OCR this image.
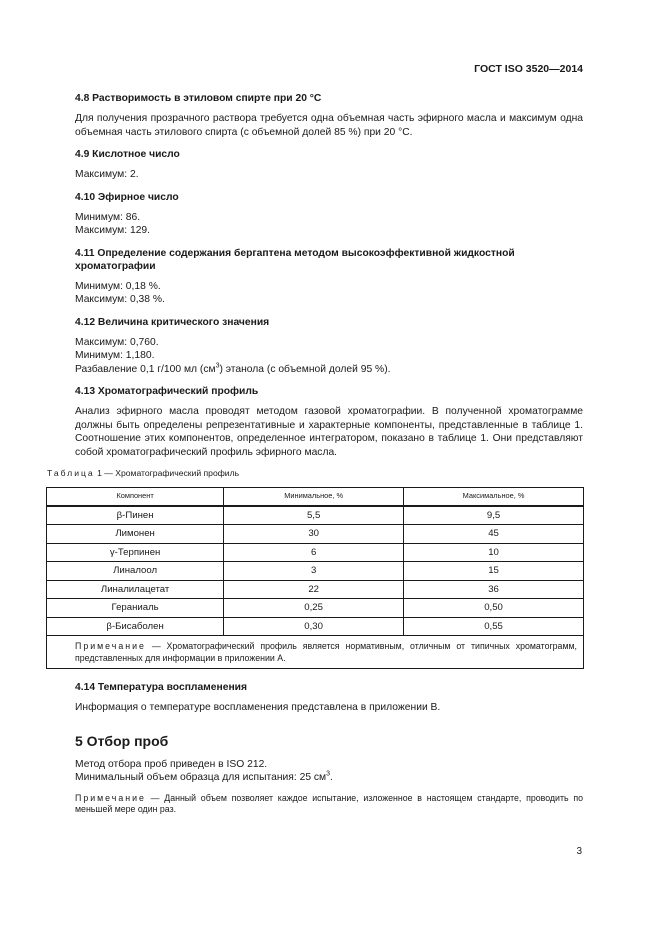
ГОСТ ISO 3520—2014
4.8 Растворимость в этиловом спирте при 20 °С

Для получения прозрачного раствора требуется одна объемная часть эфирного масла и максимум одна объемная часть этилового спирта (с объемной долей 85 %) при 20 °С.

4.9 Кислотное число

Максимум: 2.

4.10 Эфирное число

Минимум: 86.

Максимум: 129.

4.11 Определение содержания бергаптена методом высокоэффективной жидкостной хроматографии

Минимум: 0,18 %.

Максимум: 0,38 %.

4.12 Величина критического значения

Максимум: 0,760.

Минимум: 1,180.

Разбавление 0,1 г/100 мл $(см^3)$ этанола (с объемной долей 95 %).

4.13 Хроматографический профиль

Анализ эфирного масла проводят методом газовой хроматографии. В полученной хроматограмме должны быть определены репрезентативные и характерные компоненты, представленные в таблице 1. Соотношение этих компонентов, определенное интегратором, показано в таблице 1. Они представляют собой хроматографический профиль эфирного масла.

Таблица 1 — Хроматографический профиль
Компонент	Минимальное, %	Максимальное, %
β-Пинен	5,5	9,5
Лимонен	30	45
γ-Терпинен	6	10
Линалоол	3	15
Линалилацетат	22	36
Гераниаль	0,25	0,50
β-Бисаболен	0,30	0,55
Примечание — Хроматографический профиль является нормативным, отличным от типичных хроматограмм, представленных для информации в приложении А.		
4.14 Температура воспламенения

Информация о температуре воспламенения представлена в приложении В.

5 Отбор проб

Метод отбора проб приведен в ISO 212.

Минимальный объем образца для испытания: 25 $см^3$.

Примечание — Данный объем позволяет каждое испытание, изложенное в настоящем стандарте, проводить по меньшей мере один раз.

3
